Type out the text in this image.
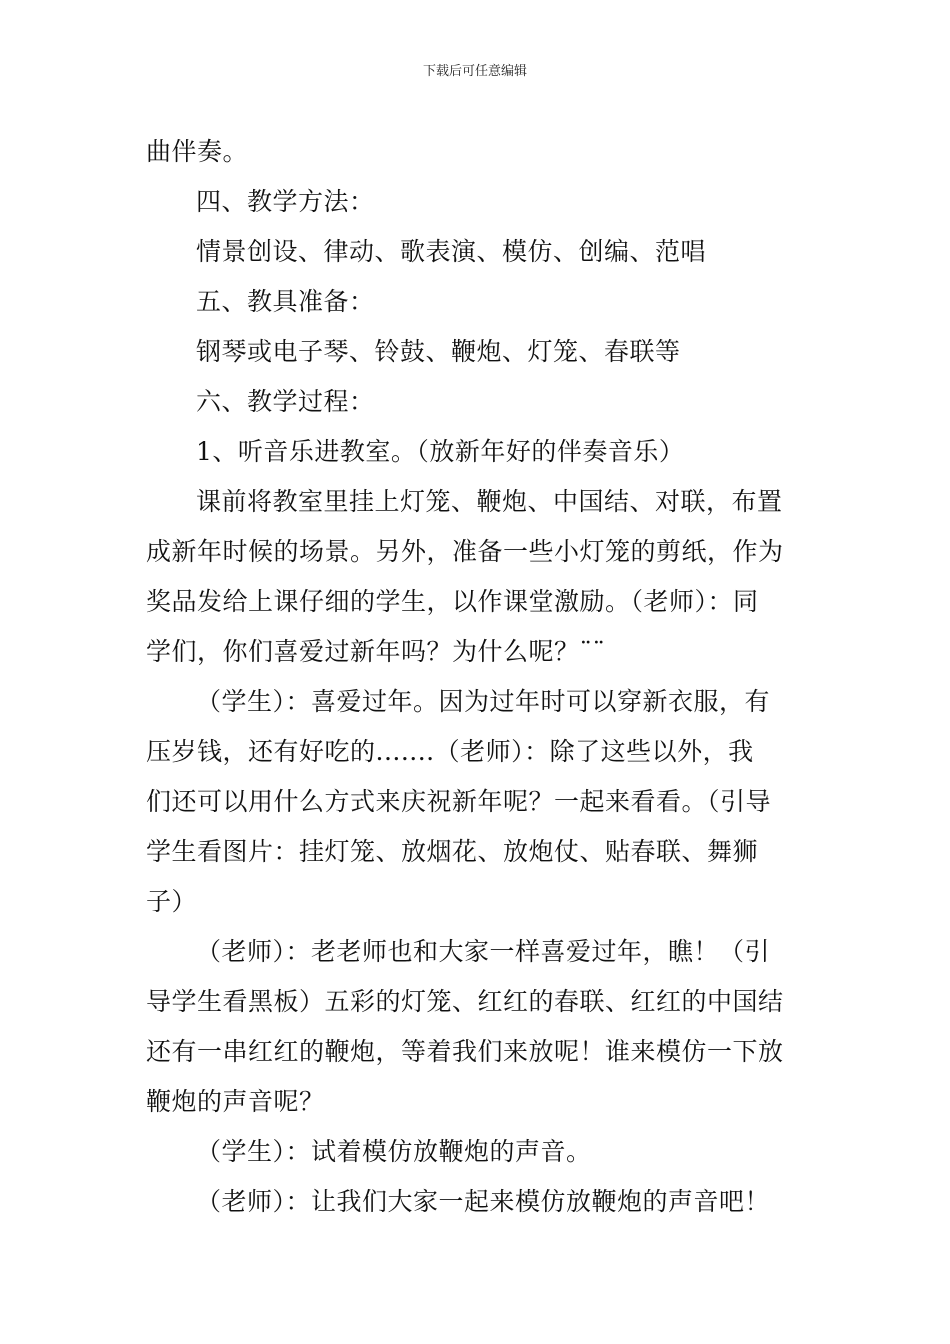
下载后可任意编辑
曲伴奏。
四、教学方法：
情景创设、律动、歌表演、模仿、创编、范唱
五、教具准备：
钢琴或电子琴、铃鼓、鞭炮、灯笼、春联等
六、教学过程：
1、听音乐进教室。（放新年好的伴奏音乐）
课前将教室里挂上灯笼、鞭炮、中国结、对联，布置
成新年时候的场景。另外，准备一些小灯笼的剪纸，作为
奖品发给上课仔细的学生，以作课堂激励。（老师）：同
学们，你们喜爱过新年吗？为什么呢？¨¨
（学生）：喜爱过年。因为过年时可以穿新衣服，有
压岁钱，还有好吃的.......（老师）：除了这些以外，我
们还可以用什么方式来庆祝新年呢？一起来看看。（引导
学生看图片：挂灯笼、放烟花、放炮仗、贴春联、舞狮
子）
（老师）：老老师也和大家一样喜爱过年，瞧！（引
导学生看黑板）五彩的灯笼、红红的春联、红红的中国结
还有一串红红的鞭炮，等着我们来放呢！谁来模仿一下放
鞭炮的声音呢？
（学生）：试着模仿放鞭炮的声音。
（老师）：让我们大家一起来模仿放鞭炮的声音吧！
